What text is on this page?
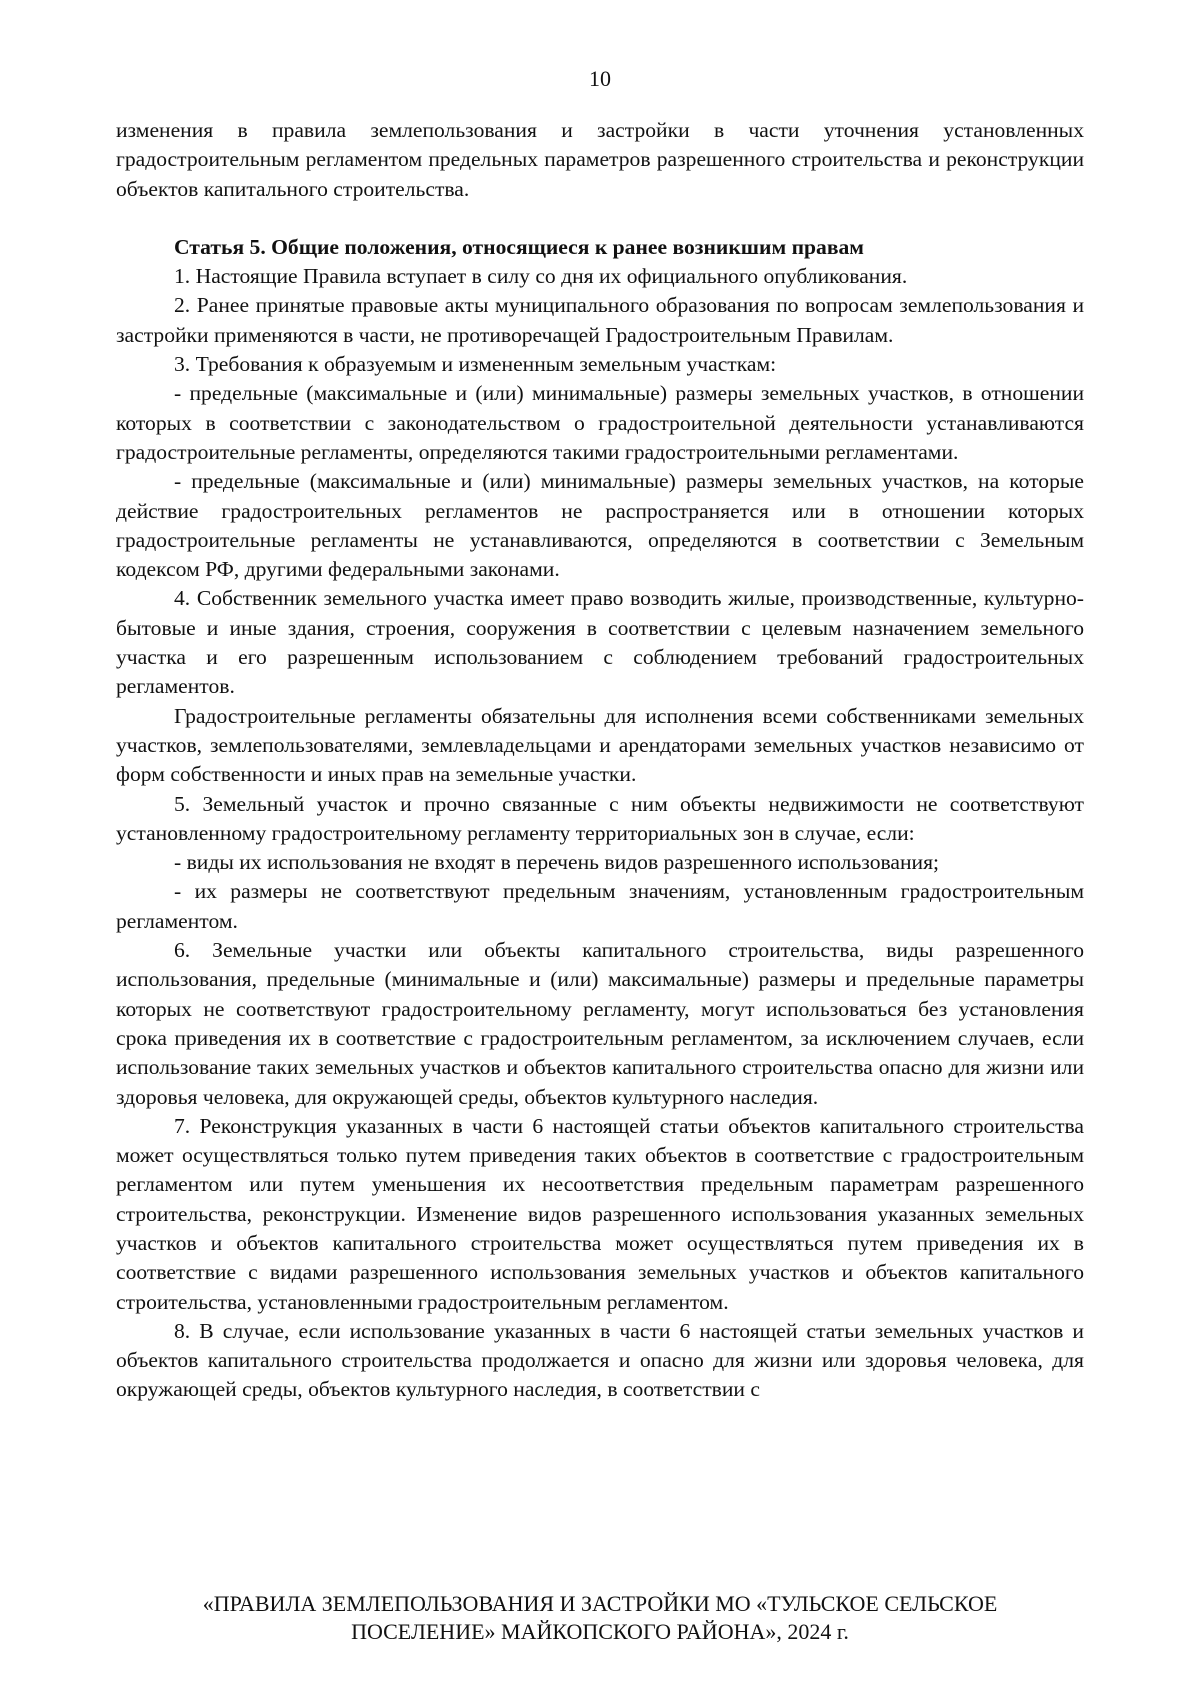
10

изменения в правила землепользования и застройки в части уточнения установленных градостроительным регламентом предельных параметров разрешенного строительства и реконструкции объектов капитального строительства.

Статья 5. Общие положения, относящиеся к ранее возникшим правам

1. Настоящие Правила вступает в силу со дня их официального опубликования.

2. Ранее принятые правовые акты муниципального образования по вопросам землепользования и застройки применяются в части, не противоречащей Градостроительным Правилам.

3. Требования к образуемым и измененным земельным участкам:

- предельные (максимальные и (или) минимальные) размеры земельных участков, в отношении которых в соответствии с законодательством о градостроительной деятельности устанавливаются градостроительные регламенты, определяются такими градостроительными регламентами.

- предельные (максимальные и (или) минимальные) размеры земельных участков, на которые действие градостроительных регламентов не распространяется или в отношении которых градостроительные регламенты не устанавливаются, определяются в соответствии с Земельным кодексом РФ, другими федеральными законами.

4. Собственник земельного участка имеет право возводить жилые, производственные, культурно-бытовые и иные здания, строения, сооружения в соответствии с целевым назначением земельного участка и его разрешенным использованием с соблюдением требований градостроительных регламентов.

Градостроительные регламенты обязательны для исполнения всеми собственниками земельных участков, землепользователями, землевладельцами и арендаторами земельных участков независимо от форм собственности и иных прав на земельные участки.

5. Земельный участок и прочно связанные с ним объекты недвижимости не соответствуют установленному градостроительному регламенту территориальных зон в случае, если:

- виды их использования не входят в перечень видов разрешенного использования;

- их размеры не соответствуют предельным значениям, установленным градостроительным регламентом.

6. Земельные участки или объекты капитального строительства, виды разрешенного использования, предельные (минимальные и (или) максимальные) размеры и предельные параметры которых не соответствуют градостроительному регламенту, могут использоваться без установления срока приведения их в соответствие с градостроительным регламентом, за исключением случаев, если использование таких земельных участков и объектов капитального строительства опасно для жизни или здоровья человека, для окружающей среды, объектов культурного наследия.

7. Реконструкция указанных в части 6 настоящей статьи объектов капитального строительства может осуществляться только путем приведения таких объектов в соответствие с градостроительным регламентом или путем уменьшения их несоответствия предельным параметрам разрешенного строительства, реконструкции. Изменение видов разрешенного использования указанных земельных участков и объектов капитального строительства может осуществляться путем приведения их в соответствие с видами разрешенного использования земельных участков и объектов капитального строительства, установленными градостроительным регламентом.

8. В случае, если использование указанных в части 6 настоящей статьи земельных участков и объектов капитального строительства продолжается и опасно для жизни или здоровья человека, для окружающей среды, объектов культурного наследия, в соответствии с

«ПРАВИЛА ЗЕМЛЕПОЛЬЗОВАНИЯ И ЗАСТРОЙКИ МО «ТУЛЬСКОЕ СЕЛЬСКОЕ
ПОСЕЛЕНИЕ» МАЙКОПСКОГО РАЙОНА», 2024 г.
